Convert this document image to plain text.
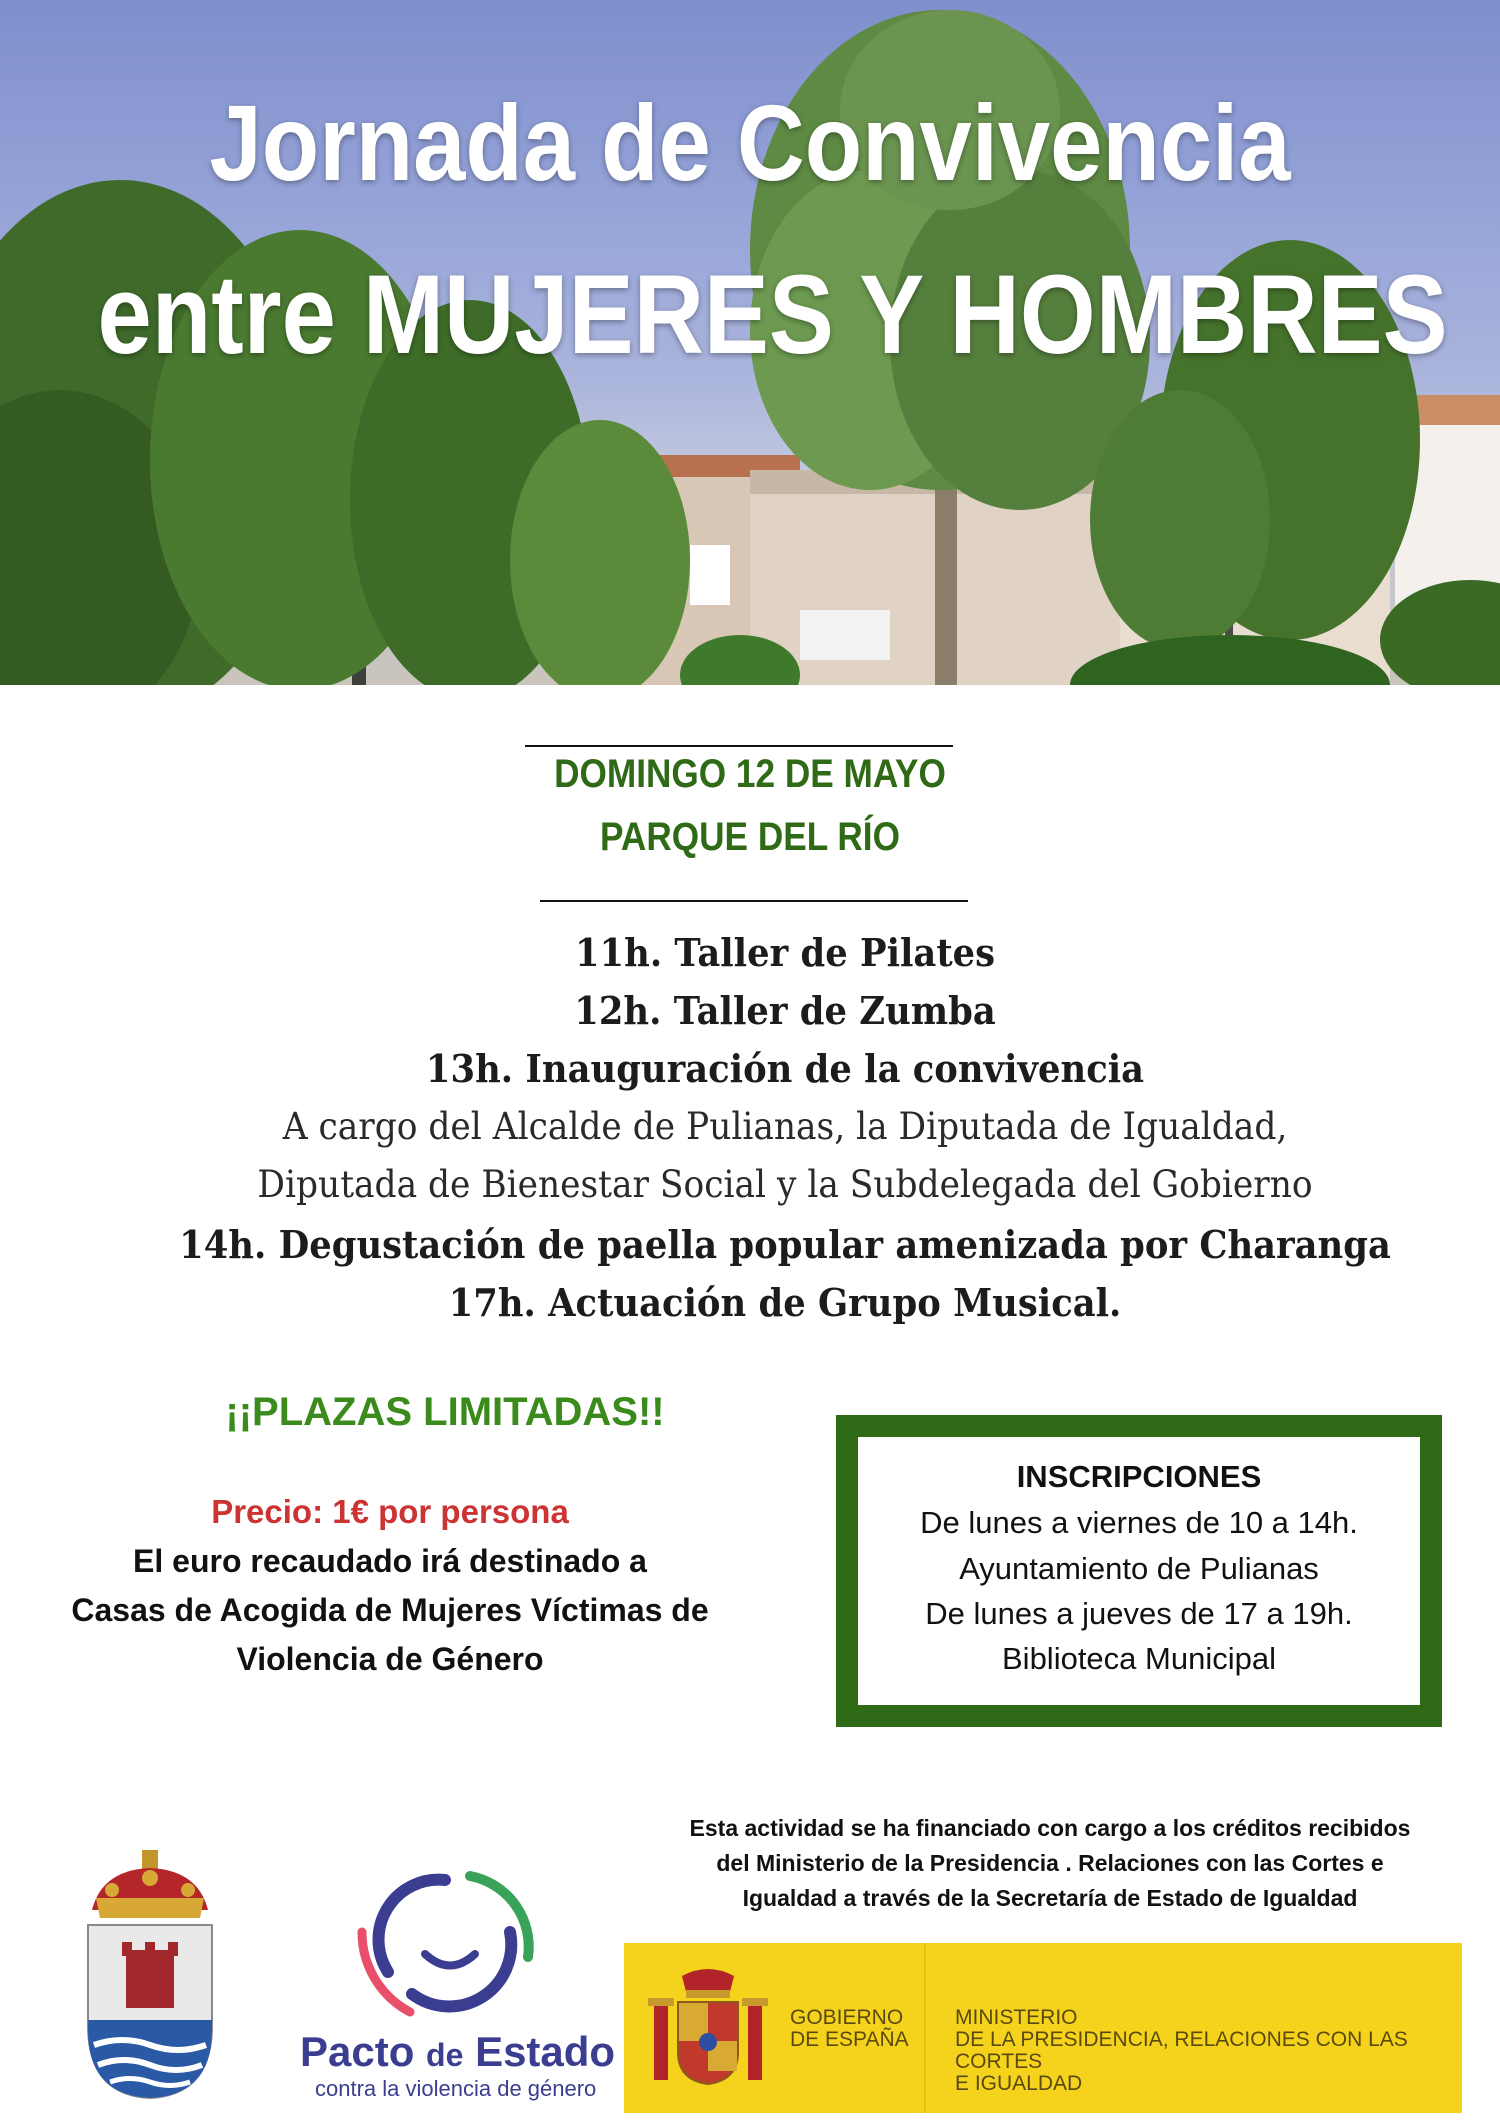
Jornada de Convivencia

entre MUJERES Y HOMBRES

DOMINGO 12 DE MAYO

PARQUE DEL RÍO

11h. Taller de Pilates

12h. Taller de Zumba

13h. Inauguración de la convivencia

A cargo del Alcalde de Pulianas, la Diputada de Igualdad,

Diputada de Bienestar Social y la Subdelegada del Gobierno

14h. Degustación de paella popular amenizada por Charanga

17h. Actuación de Grupo Musical.

¡¡PLAZAS LIMITADAS!!

Precio: 1€ por persona

El euro recaudado irá destinado a

Casas de Acogida de Mujeres Víctimas de

Violencia de Género

INSCRIPCIONES

De lunes a viernes de 10 a 14h.

Ayuntamiento de Pulianas

De lunes a jueves de 17 a 19h.

Biblioteca Municipal

Esta actividad se ha financiado con cargo a los créditos recibidos

del Ministerio de la Presidencia . Relaciones con las Cortes e

Igualdad a través de la Secretaría de Estado de Igualdad

Pacto de Estado
contra la violencia de género

GOBIERNO
DE ESPAÑA

MINISTERIO
DE LA PRESIDENCIA, RELACIONES CON LAS CORTES
E IGUALDAD
